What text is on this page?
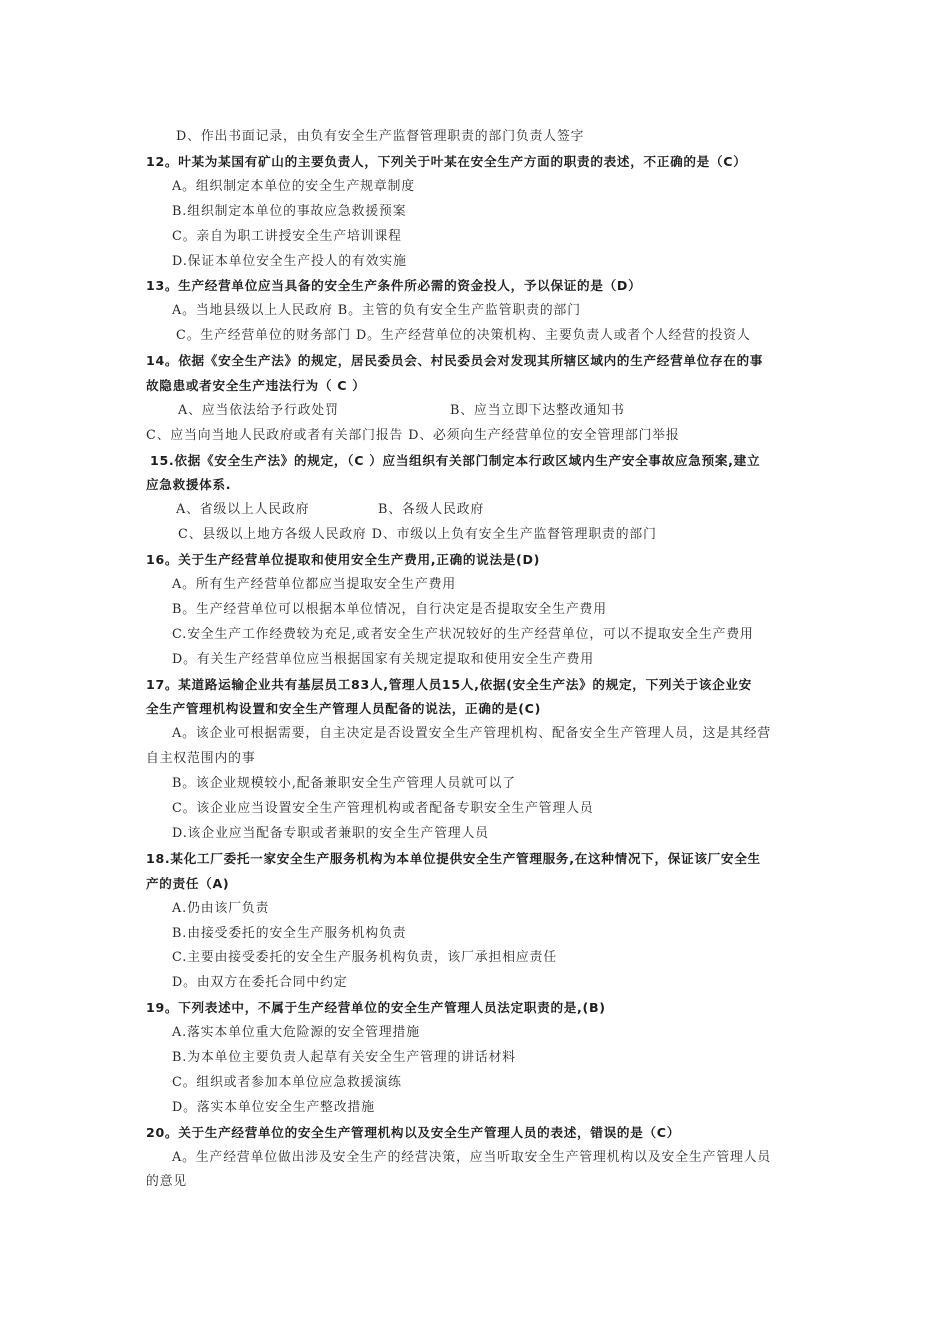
D、作出书面记录，由负有安全生产监督管理职责的部门负责人签字
12。叶某为某国有矿山的主要负责人，下列关于叶某在安全生产方面的职责的表述，不正确的是（C）
A。组织制定本单位的安全生产规章制度
B.组织制定本单位的事故应急救援预案
C。亲自为职工讲授安全生产培训课程
D.保证本单位安全生产投人的有效实施
13。生产经营单位应当具备的安全生产条件所必需的资金投人，予以保证的是（D）
A。当地县级以上人民政府 B。主管的负有安全生产监管职责的部门
C。生产经营单位的财务部门 D。生产经营单位的决策机构、主要负责人或者个人经营的投资人
14。依据《安全生产法》的规定，居民委员会、村民委员会对发现其所辖区域内的生产经营单位存在的事
故隐患或者安全生产违法行为（ C ）
A、应当依法给予行政处罚	B、应当立即下达整改通知书
C、应当向当地人民政府或者有关部门报告 D、必须向生产经营单位的安全管理部门举报
15.依据《安全生产法》的规定，（C ）应当组织有关部门制定本行政区域内生产安全事故应急预案,建立
应急救援体系.
A、省级以上人民政府	B、各级人民政府
C、县级以上地方各级人民政府 D、市级以上负有安全生产监督管理职责的部门
16。关于生产经营单位提取和使用安全生产费用,正确的说法是(D)
A。所有生产经营单位都应当提取安全生产费用
B。生产经营单位可以根据本单位情况，自行决定是否提取安全生产费用
C.安全生产工作经费较为充足,或者安全生产状况较好的生产经营单位，可以不提取安全生产费用
D。有关生产经营单位应当根据国家有关规定提取和使用安全生产费用
17。某道路运输企业共有基层员工83人,管理人员15人,依据(安全生产法》的规定，下列关于该企业安
全生产管理机构设置和安全生产管理人员配备的说法，正确的是(C)
A。该企业可根据需要，自主决定是否设置安全生产管理机构、配备安全生产管理人员，这是其经营
自主权范围内的事
B。该企业规模较小,配备兼职安全生产管理人员就可以了
C。该企业应当设置安全生产管理机构或者配备专职安全生产管理人员
D.该企业应当配备专职或者兼职的安全生产管理人员
18.某化工厂委托一家安全生产服务机构为本单位提供安全生产管理服务,在这种情况下，保证该厂安全生
产的责任（A)
A.仍由该厂负责
B.由接受委托的安全生产服务机构负责
C.主要由接受委托的安全生产服务机构负责，该厂承担相应责任
D。由双方在委托合同中约定
19。下列表述中，不属于生产经营单位的安全生产管理人员法定职责的是,(B)
A.落实本单位重大危险源的安全管理措施
B.为本单位主要负责人起草有关安全生产管理的讲话材料
C。组织或者参加本单位应急救援演练
D。落实本单位安全生产整改措施
20。关于生产经营单位的安全生产管理机构以及安全生产管理人员的表述，错误的是（C）
A。生产经营单位做出涉及安全生产的经营决策，应当听取安全生产管理机构以及安全生产管理人员
的意见
